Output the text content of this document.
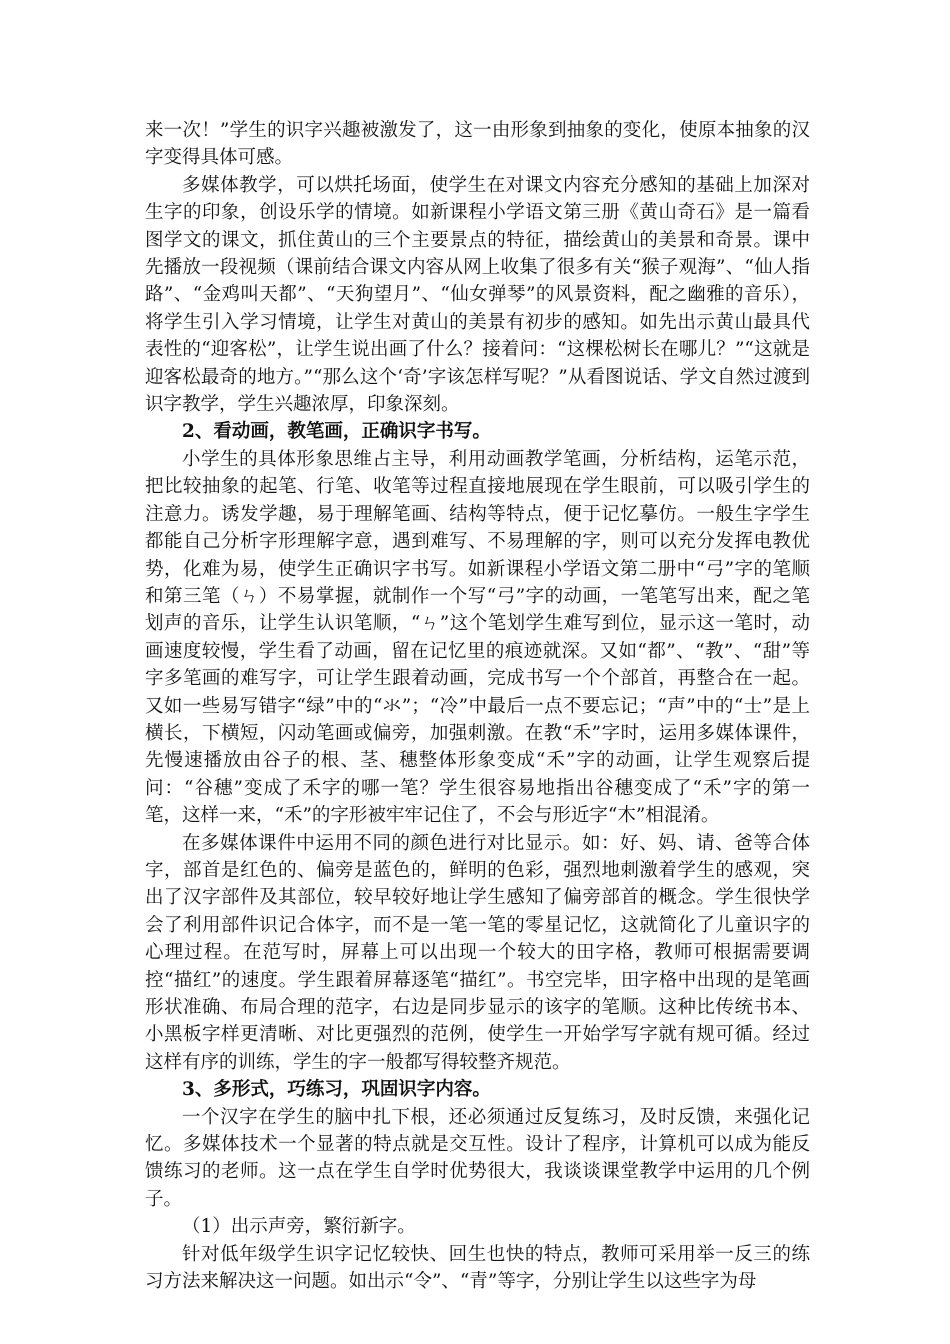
来一次！”学生的识字兴趣被激发了，这一由形象到抽象的变化，使原本抽象的汉字变得具体可感。

多媒体教学，可以烘托场面，使学生在对课文内容充分感知的基础上加深对生字的印象，创设乐学的情境。如新课程小学语文第三册《黄山奇石》是一篇看图学文的课文，抓住黄山的三个主要景点的特征，描绘黄山的美景和奇景。课中先播放一段视频（课前结合课文内容从网上收集了很多有关“猴子观海”、“仙人指路”、“金鸡叫天都”、“天狗望月”、“仙女弹琴”的风景资料，配之幽雅的音乐），将学生引入学习情境，让学生对黄山的美景有初步的感知。如先出示黄山最具代表性的“迎客松”，让学生说出画了什么？接着问：“这棵松树长在哪儿？”“这就是迎客松最奇的地方。”“那么这个‘奇’字该怎样写呢？”从看图说话、学文自然过渡到识字教学，学生兴趣浓厚，印象深刻。

2、看动画，教笔画，正确识字书写。

小学生的具体形象思维占主导，利用动画教学笔画，分析结构，运笔示范，把比较抽象的起笔、行笔、收笔等过程直接地展现在学生眼前，可以吸引学生的注意力。诱发学趣，易于理解笔画、结构等特点，便于记忆摹仿。一般生字学生都能自己分析字形理解字意，遇到难写、不易理解的字，则可以充分发挥电教优势，化难为易，使学生正确识字书写。如新课程小学语文第二册中“弓”字的笔顺和第三笔（ㄣ）不易掌握，就制作一个写“弓”字的动画，一笔笔写出来，配之笔划声的音乐，让学生认识笔顺，“ㄣ”这个笔划学生难写到位，显示这一笔时，动画速度较慢，学生看了动画，留在记忆里的痕迹就深。又如“都”、“教”、“甜”等字多笔画的难写字，可让学生跟着动画，完成书写一个个部首，再整合在一起。又如一些易写错字“绿”中的“氺”；“冷”中最后一点不要忘记；“声”中的“士”是上横长，下横短，闪动笔画或偏旁，加强刺激。在教“禾”字时，运用多媒体课件，先慢速播放由谷子的根、茎、穗整体形象变成“禾”字的动画，让学生观察后提问：“谷穗”变成了禾字的哪一笔？学生很容易地指出谷穗变成了“禾”字的第一笔，这样一来，“禾”的字形被牢牢记住了，不会与形近字“木”相混淆。

在多媒体课件中运用不同的颜色进行对比显示。如：好、妈、请、爸等合体字，部首是红色的、偏旁是蓝色的，鲜明的色彩，强烈地刺激着学生的感观，突出了汉字部件及其部位，较早较好地让学生感知了偏旁部首的概念。学生很快学会了利用部件识记合体字，而不是一笔一笔的零星记忆，这就简化了儿童识字的心理过程。在范写时，屏幕上可以出现一个较大的田字格，教师可根据需要调控“描红”的速度。学生跟着屏幕逐笔“描红”。书空完毕，田字格中出现的是笔画形状准确、布局合理的范字，右边是同步显示的该字的笔顺。这种比传统书本、小黑板字样更清晰、对比更强烈的范例，使学生一开始学写字就有规可循。经过这样有序的训练，学生的字一般都写得较整齐规范。

3、多形式，巧练习，巩固识字内容。

一个汉字在学生的脑中扎下根，还必须通过反复练习，及时反馈，来强化记忆。多媒体技术一个显著的特点就是交互性。设计了程序，计算机可以成为能反馈练习的老师。这一点在学生自学时优势很大，我谈谈课堂教学中运用的几个例子。

（1）出示声旁，繁衍新字。

针对低年级学生识字记忆较快、回生也快的特点，教师可采用举一反三的练习方法来解决这一问题。如出示“令”、“青”等字，分别让学生以这些字为母
